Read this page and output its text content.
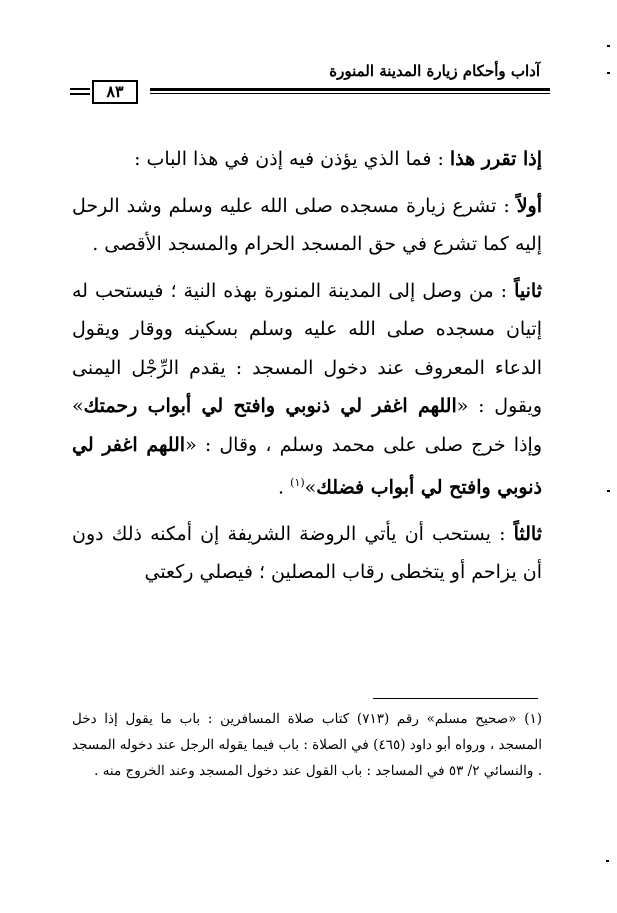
آداب وأحكام زيارة المدينة المنورة
٨٣

إذا تقرر هذا : فما الذي يؤذن فيه إذن في هذا الباب :

أولاً : تشرع زيارة مسجده صلى الله عليه وسلم وشد الرحل إليه كما تشرع في حق المسجد الحرام والمسجد الأقصى .

ثانياً : من وصل إلى المدينة المنورة بهذه النية ؛ فيستحب له إتيان مسجده صلى الله عليه وسلم بسكينه ووقار ويقول الدعاء المعروف عند دخول المسجد : يقدم الرِّجْل اليمنى ويقول : «اللهم اغفر لي ذنوبي وافتح لي أبواب رحمتك» وإذا خرج صلى على محمد وسلم ، وقال : «اللهم اغفر لي ذنوبي وافتح لي أبواب فضلك»$^{(١)}$ .

ثالثاً : يستحب أن يأتي الروضة الشريفة إن أمكنه ذلك دون أن يزاحم أو يتخطى رقاب المصلين ؛ فيصلي ركعتي

(١) «صحيح مسلم» رقم (٧١٣) كتاب صلاة المسافرين : باب ما يقول إذا دخل المسجد ، ورواه أبو داود (٤٦٥) في الصلاة : باب فيما يقوله الرجل عند دخوله المسجد . والنسائي ٢/ ٥٣ في المساجد : باب القول عند دخول المسجد وعند الخروج منه .
